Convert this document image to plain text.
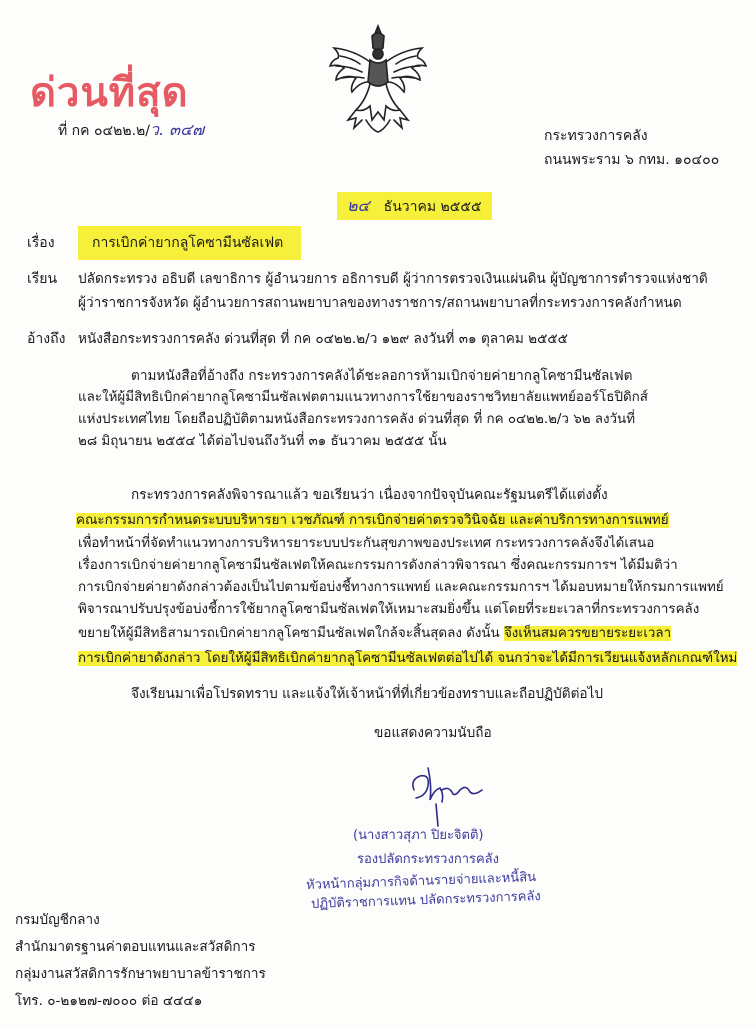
ด่วนที่สุด
ที่ กค ๐๔๒๒.๒/ว. ๓๔๗	กระทรวงการคลัง
ถนนพระราม ๖ กทม. ๑๐๔๐๐
๒๔ ธันวาคม ๒๕๕๕
เรื่อง	การเบิกค่ายากลูโคซามีนซัลเฟต
เรียน ปลัดกระทรวง อธิบดี เลขาธิการ ผู้อำนวยการ อธิการบดี ผู้ว่าการตรวจเงินแผ่นดิน ผู้บัญชาการตำรวจแห่งชาติ
ผู้ว่าราชการจังหวัด ผู้อำนวยการสถานพยาบาลของทางราชการ/สถานพยาบาลที่กระทรวงการคลังกำหนด
อ้างถึง หนังสือกระทรวงการคลัง ด่วนที่สุด ที่ กค ๐๔๒๒.๒/ว ๑๒๙ ลงวันที่ ๓๑ ตุลาคม ๒๕๕๕
ตามหนังสือที่อ้างถึง กระทรวงการคลังได้ชะลอการห้ามเบิกจ่ายค่ายากลูโคซามีนซัลเฟต
และให้ผู้มีสิทธิเบิกค่ายากลูโคซามีนซัลเฟตตามแนวทางการใช้ยาของราชวิทยาลัยแพทย์ออร์โธปิดิกส์
แห่งประเทศไทย โดยถือปฏิบัติตามหนังสือกระทรวงการคลัง ด่วนที่สุด ที่ กค ๐๔๒๒.๒/ว ๖๒ ลงวันที่
๒๘ มิถุนายน ๒๕๕๔ ได้ต่อไปจนถึงวันที่ ๓๑ ธันวาคม ๒๕๕๕ นั้น
กระทรวงการคลังพิจารณาแล้ว ขอเรียนว่า เนื่องจากปัจจุบันคณะรัฐมนตรีได้แต่งตั้ง
คณะกรรมการกำหนดระบบบริหารยา เวชภัณฑ์ การเบิกจ่ายค่าตรวจวินิจฉัย และค่าบริการทางการแพทย์
เพื่อทำหน้าที่จัดทำแนวทางการบริหารยาระบบประกันสุขภาพของประเทศ กระทรวงการคลังจึงได้เสนอ
เรื่องการเบิกจ่ายค่ายากลูโคซามีนซัลเฟตให้คณะกรรมการดังกล่าวพิจารณา ซึ่งคณะกรรมการฯ ได้มีมติว่า
การเบิกจ่ายค่ายาดังกล่าวต้องเป็นไปตามข้อบ่งชี้ทางการแพทย์ และคณะกรรมการฯ ได้มอบหมายให้กรมการแพทย์
พิจารณาปรับปรุงข้อบ่งชี้การใช้ยากลูโคซามีนซัลเฟตให้เหมาะสมยิ่งขึ้น แต่โดยที่ระยะเวลาที่กระทรวงการคลัง
ขยายให้ผู้มีสิทธิสามารถเบิกค่ายากลูโคซามีนซัลเฟตใกล้จะสิ้นสุดลง ดังนั้น จึงเห็นสมควรขยายระยะเวลา
การเบิกค่ายาดังกล่าว โดยให้ผู้มีสิทธิเบิกค่ายากลูโคซามีนซัลเฟตต่อไปได้ จนกว่าจะได้มีการเวียนแจ้งหลักเกณฑ์ใหม่
จึงเรียนมาเพื่อโปรดทราบ และแจ้งให้เจ้าหน้าที่ที่เกี่ยวข้องทราบและถือปฏิบัติต่อไป
ขอแสดงความนับถือ
(นางสาวสุภา ปิยะจิตติ)
รองปลัดกระทรวงการคลัง
หัวหน้ากลุ่มภารกิจด้านรายจ่ายและหนี้สิน
ปฏิบัติราชการแทน ปลัดกระทรวงการคลัง
กรมบัญชีกลาง
สำนักมาตรฐานค่าตอบแทนและสวัสดิการ
กลุ่มงานสวัสดิการรักษาพยาบาลข้าราชการ
โทร. ๐-๒๑๒๗-๗๐๐๐ ต่อ ๔๔๔๑
